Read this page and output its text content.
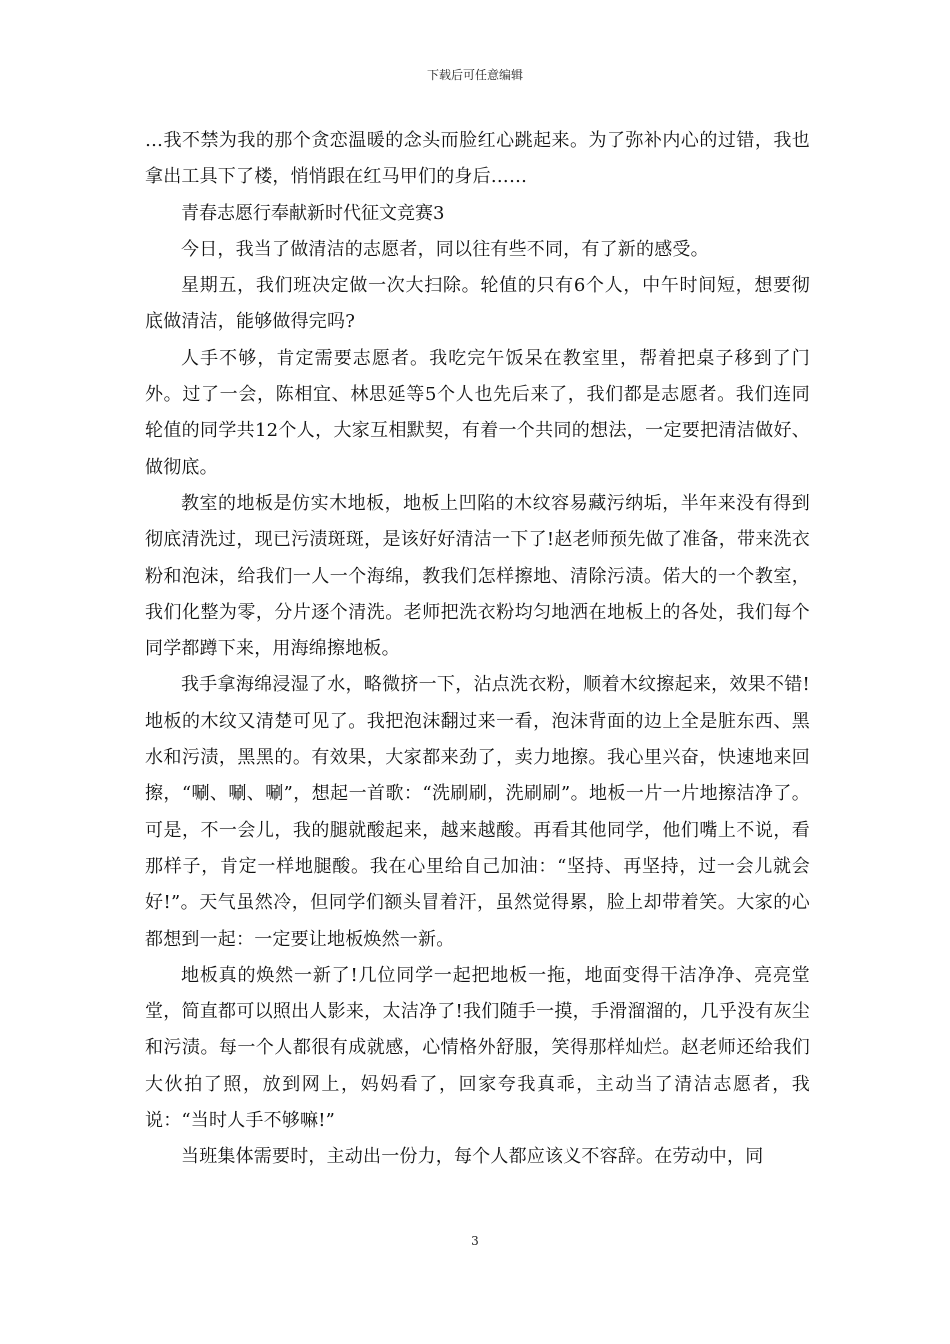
下载后可任意编辑

…我不禁为我的那个贪恋温暖的念头而脸红心跳起来。为了弥补内心的过错，我也拿出工具下了楼，悄悄跟在红马甲们的身后……

青春志愿行奉献新时代征文竞赛3

今日，我当了做清洁的志愿者，同以往有些不同，有了新的感受。

星期五，我们班决定做一次大扫除。轮值的只有6个人，中午时间短，想要彻底做清洁，能够做得完吗?

人手不够，肯定需要志愿者。我吃完午饭呆在教室里，帮着把桌子移到了门外。过了一会，陈相宜、林思延等5个人也先后来了，我们都是志愿者。我们连同轮值的同学共12个人，大家互相默契，有着一个共同的想法，一定要把清洁做好、做彻底。

教室的地板是仿实木地板，地板上凹陷的木纹容易藏污纳垢，半年来没有得到彻底清洗过，现已污渍斑斑，是该好好清洁一下了!赵老师预先做了准备，带来洗衣粉和泡沫，给我们一人一个海绵，教我们怎样擦地、清除污渍。偌大的一个教室，我们化整为零，分片逐个清洗。老师把洗衣粉均匀地洒在地板上的各处，我们每个同学都蹲下来，用海绵擦地板。

我手拿海绵浸湿了水，略微挤一下，沾点洗衣粉，顺着木纹擦起来，效果不错!地板的木纹又清楚可见了。我把泡沫翻过来一看，泡沫背面的边上全是脏东西、黑水和污渍，黑黑的。有效果，大家都来劲了，卖力地擦。我心里兴奋，快速地来回擦，“唰、唰、唰”，想起一首歌：“洗刷刷，洗刷刷”。地板一片一片地擦洁净了。可是，不一会儿，我的腿就酸起来，越来越酸。再看其他同学，他们嘴上不说，看那样子，肯定一样地腿酸。我在心里给自己加油：“坚持、再坚持，过一会儿就会好!”。天气虽然冷，但同学们额头冒着汗，虽然觉得累，脸上却带着笑。大家的心都想到一起：一定要让地板焕然一新。

地板真的焕然一新了!几位同学一起把地板一拖，地面变得干洁净净、亮亮堂堂，简直都可以照出人影来，太洁净了!我们随手一摸，手滑溜溜的，几乎没有灰尘和污渍。每一个人都很有成就感，心情格外舒服，笑得那样灿烂。赵老师还给我们大伙拍了照，放到网上，妈妈看了，回家夸我真乖，主动当了清洁志愿者，我说：“当时人手不够嘛!”

当班集体需要时，主动出一份力，每个人都应该义不容辞。在劳动中，同

3
